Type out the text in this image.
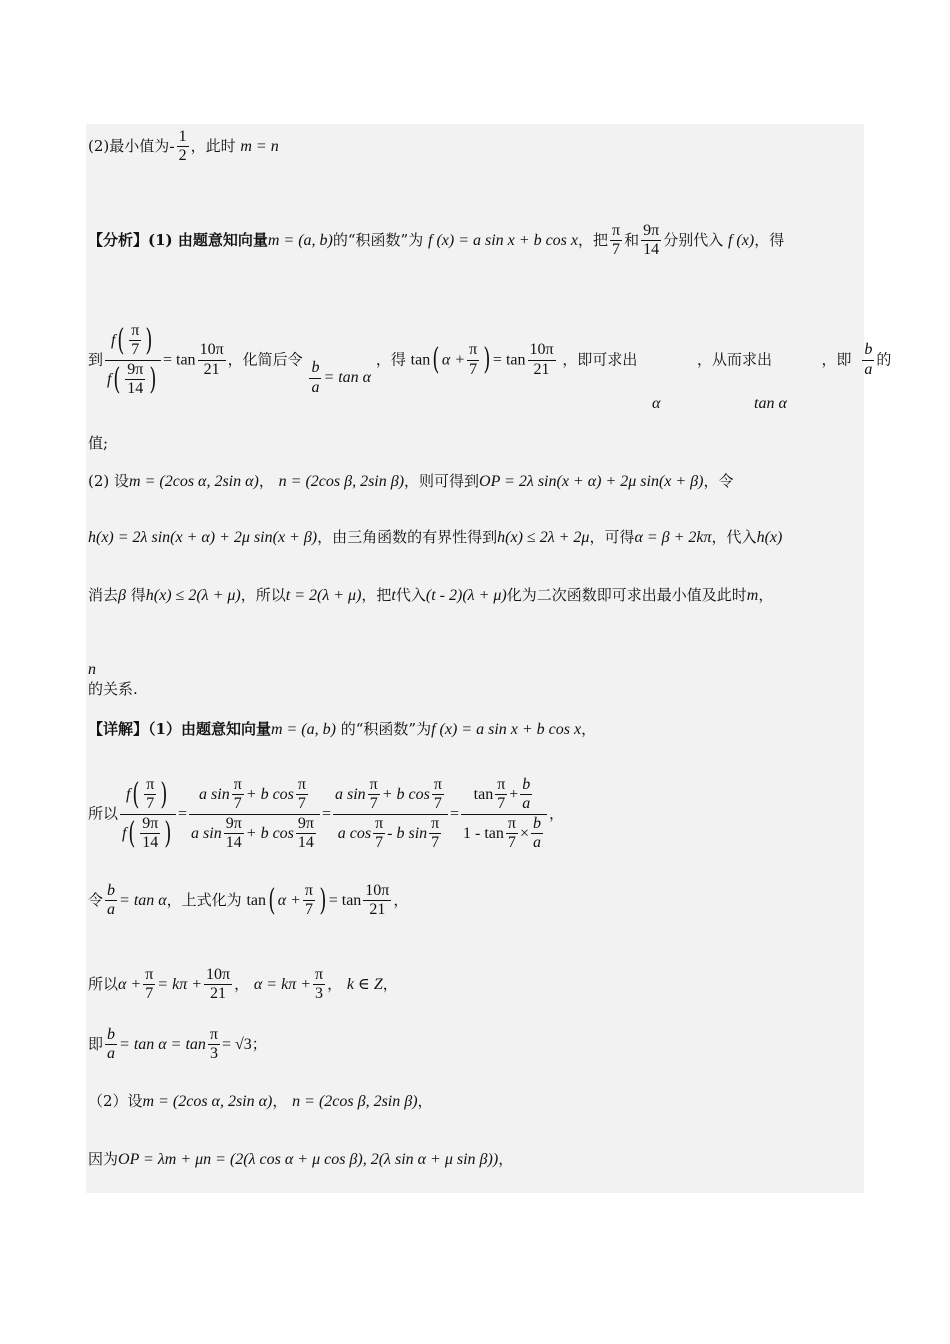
(2)最小值为- $\frac{1}{2}$ ，此时 m = n
【分析】(1) 由题意知向量m = (a, b)的“积函数”为 f (x) = a sin x + b cos x，把 $\frac{\pi}{7}$ 和 $\frac{9\pi}{14}$ 分别代入 f (x)，得
到 $\frac{f( \frac{\pi}{7} )}{f( \frac{9\pi}{14} )} = \tan \frac{10\pi}{21}$ ，化简后令
$\frac{b}{a} = \tan \alpha$ ，得 tan( $\alpha + \frac{\pi}{7}$ ) = $\tan \frac{10\pi}{21}$ ，即可求出	，从而求出	，即 $\frac{b}{a}$ 的
α	tan α
值;
(2) 设m = (2cos α, 2sin α)， n = (2cos β, 2sin β)，则可得到OP = 2λ sin(x + α) + 2μ sin(x + β)，令
h(x) = 2λ sin(x + α) + 2μ sin(x + β)，由三角函数的有界性得到h(x) ≤ 2λ + 2μ，可得α = β + 2kπ，代入h(x)
消去β 得h(x) ≤ 2(λ + μ)，所以t = 2(λ + μ)，把t代入(t - 2)(λ + μ)化为二次函数即可求出最小值及此时m，
n
的关系.
【详解】（1）由题意知向量m = (a, b) 的“积函数”为f (x) = a sin x + b cos x，
所以 $\frac{f( \frac{\pi}{7} )}{f( \frac{9\pi}{14} )} = \frac{a \sin \frac{\pi}{7} + b \cos \frac{\pi}{7}}{a \sin \frac{9\pi}{14} + b \cos \frac{9\pi}{14}} = \frac{a \sin \frac{\pi}{7} + b \cos \frac{\pi}{7}}{a \cos \frac{\pi}{7} - b \sin \frac{\pi}{7}} = \frac{\tan \frac{\pi}{7} + \frac{b}{a}}{1 - \tan \frac{\pi}{7} \times \frac{b}{a}}$ ，
令 $\frac{b}{a} = \tan \alpha$，上式化为 tan( $\alpha + \frac{\pi}{7}$ ) = $\tan \frac{10\pi}{21}$ ，
所以$\alpha + \frac{\pi}{7} = k\pi + \frac{10\pi}{21}$ ， $\alpha = k\pi + \frac{\pi}{3}$ ， k ∈ Z，
即 $\frac{b}{a} = \tan \alpha = \tan \frac{\pi}{3} = √3$；
（2）设m = (2cos α, 2sin α)， n = (2cos β, 2sin β)，
因为OP = λm + μn = (2(λ cos α + μ cos β), 2(λ sin α + μ sin β))，
